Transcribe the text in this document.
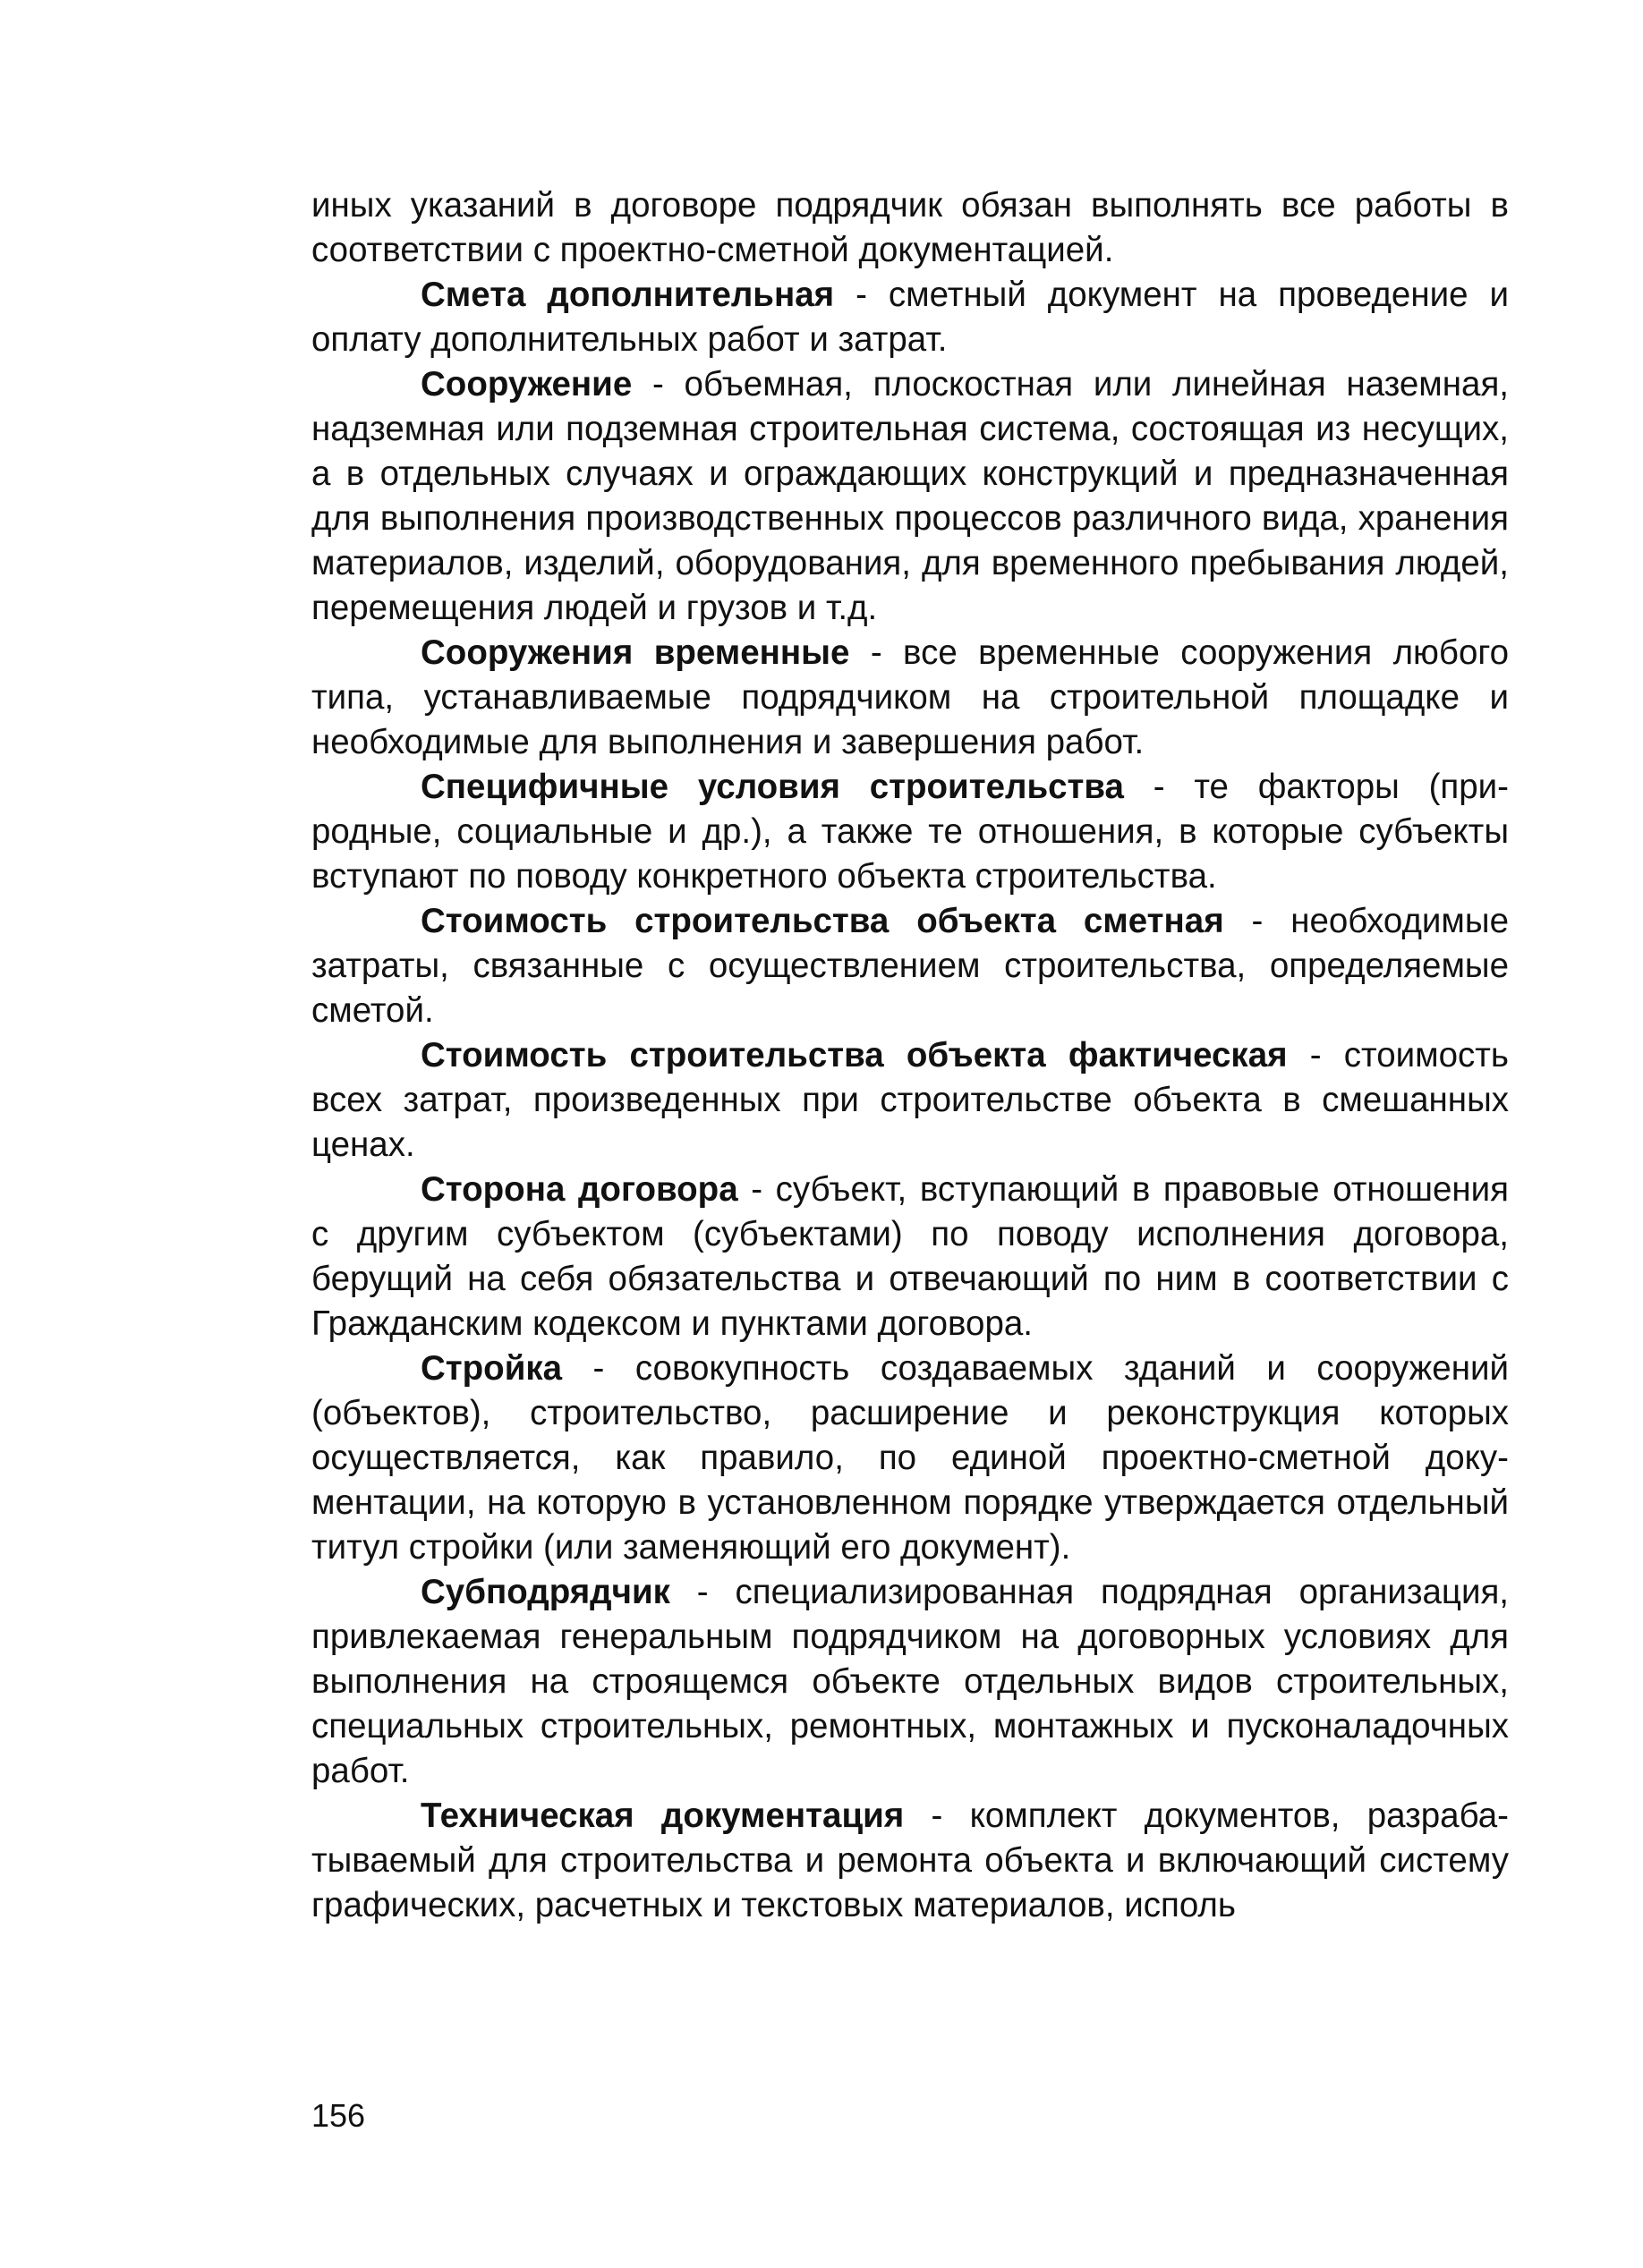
иных указаний в договоре подрядчик обязан выполнять все работы в соответствии с проектно-сметной документацией.

Смета дополнительная - сметный документ на проведение и оплату дополнительных работ и затрат.

Сооружение - объемная, плоскостная или линейная наземная, надземная или подземная строительная система, состоящая из несущих, а в отдельных случаях и ограждающих конструкций и предназначенная для выполнения производственных процессов различного вида, хранения материалов, изделий, оборудования, для временного пребывания людей, перемещения людей и грузов и т.д.

Сооружения временные - все временные сооружения любого типа, устанавливаемые подрядчиком на строительной площадке и необходимые для выполнения и завершения работ.

Специфичные условия строительства - те факторы (природные, социальные и др.), а также те отношения, в которые субъекты вступают по поводу конкретного объекта строительства.

Стоимость строительства объекта сметная - необходимые затраты, связанные с осуществлением строительства, определяемые сметой.

Стоимость строительства объекта фактическая - стоимость всех затрат, произведенных при строительстве объекта в смешанных ценах.

Сторона договора - субъект, вступающий в правовые отношения с другим субъектом (субъектами) по поводу исполнения договора, берущий на себя обязательства и отвечающий по ним в соответствии с Гражданским кодексом и пунктами договора.

Стройка - совокупность создаваемых зданий и сооружений (объектов), строительство, расширение и реконструкция которых осуществляется, как правило, по единой проектно-сметной документации, на которую в установленном порядке утверждается отдельный титул стройки (или заменяющий его документ).

Субподрядчик - специализированная подрядная организация, привлекаемая генеральным подрядчиком на договорных условиях для выполнения на строящемся объекте отдельных видов строительных, специальных строительных, ремонтных, монтажных и пусконаладочных работ.

Техническая документация - комплект документов, разрабатываемый для строительства и ремонта объекта и включающий систему графических, расчетных и текстовых материалов, исполь

156
